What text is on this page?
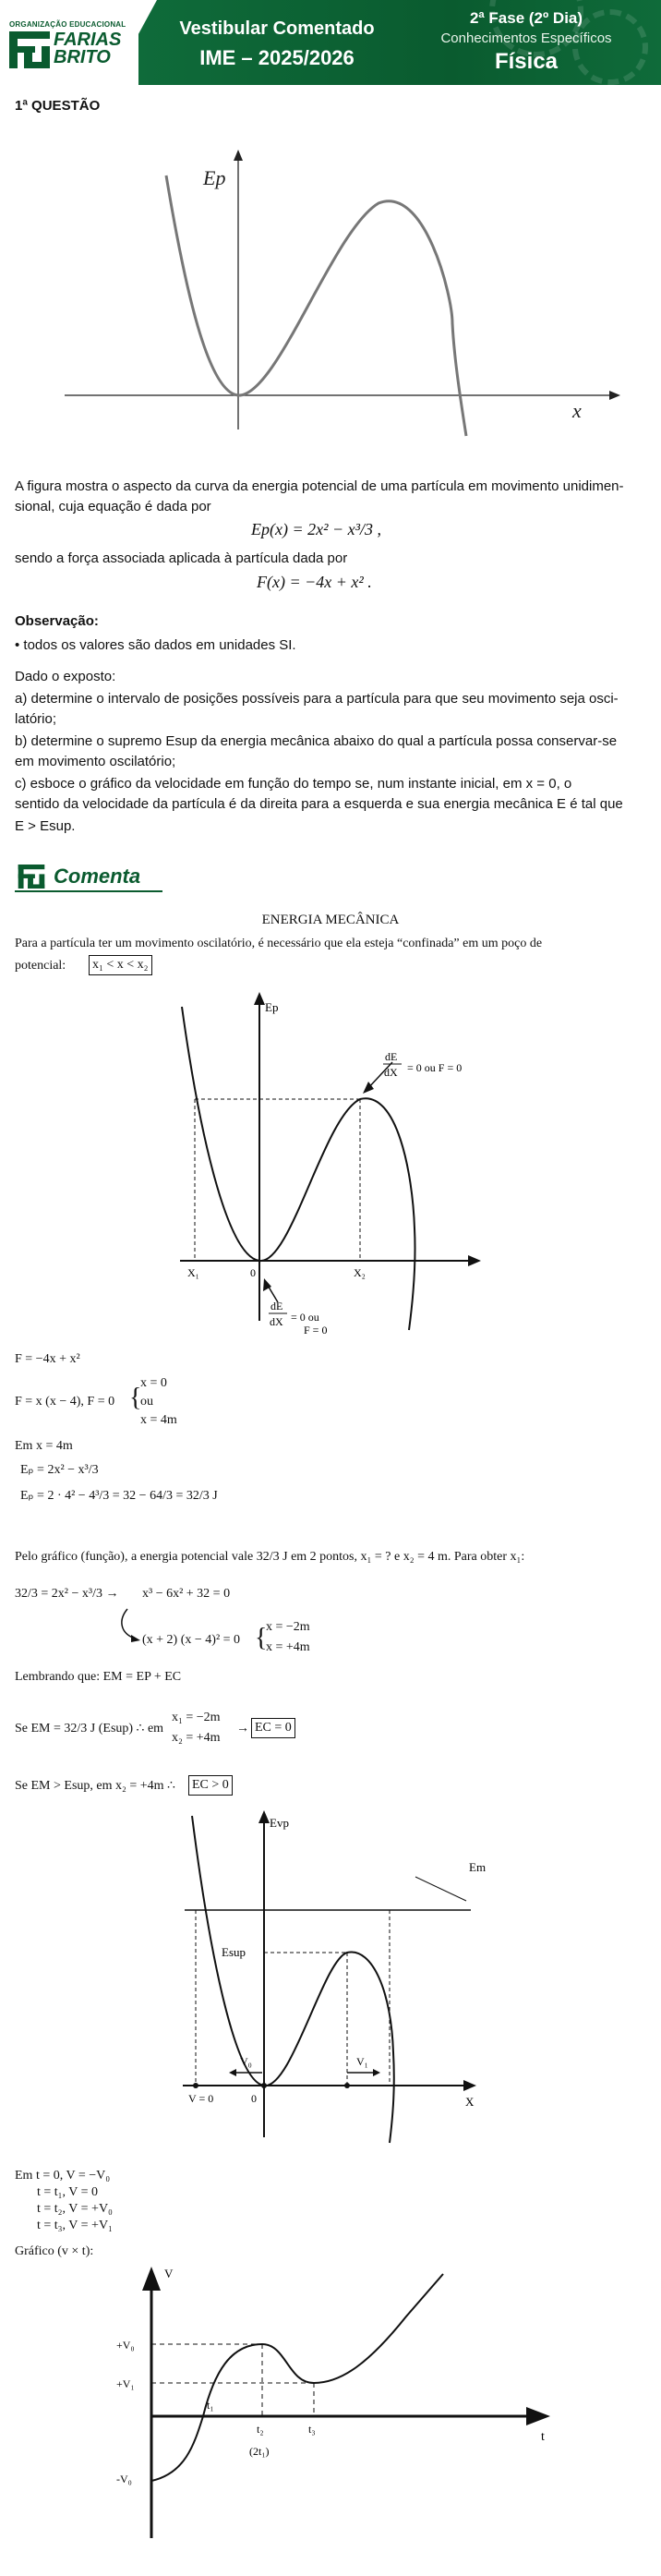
ORGANIZAÇÃO EDUCACIONAL
FARIAS
BRITO
Vestibular Comentado
IME – 2025/2026
2ª Fase (2º Dia)
Conhecimentos Específicos
Física
1ª QUESTÃO
Ep
x
A figura mostra o aspecto da curva da energia potencial de uma partícula em movimento unidimen-
sional, cuja equação é dada por
Ep(x) = 2x² − x³/3 ,
sendo a força associada aplicada à partícula dada por
F(x) = −4x + x² .
Observação:
• todos os valores são dados em unidades SI.
Dado o exposto:
a) determine o intervalo de posições possíveis para a partícula para que seu movimento seja osci-
latório;
b) determine o supremo Esup da energia mecânica abaixo do qual a partícula possa conservar-se
em movimento oscilatório;
c) esboce o gráfico da velocidade em função do tempo se, num instante inicial, em x = 0, o
sentido da velocidade da partícula é da direita para a esquerda e sua energia mecânica E é tal que
E > Esup.
Comenta
ENERGIA MECÂNICA
Para a partícula ter um movimento oscilatório, é necessário que ela esteja “confinada” em um poço de
potencial: x₁ < x < x₂
Ep
dE
dX = 0 ou F = 0
X₁	0	X₂
dE
dX = 0 ou
F = 0
F = −4x + x²
F = x (x − 4), F = 0 {
x = 0
ou
x = 4m
Em x = 4m
Eₚ = 2x² − x³/3
Eₚ = 2 · 4² − 4³/3 = 32 − 64/3 = 32/3 J
Pelo gráfico (função), a energia potencial vale 32/3 J em 2 pontos, x₁ = ? e x₂ = 4 m. Para obter x₁:
32/3 = 2x² − x³/3 → x³ − 6x² + 32 = 0
(x + 2) (x − 4)² = 0 {
x = −2m
x = +4m
Lembrando que: EM = EP + EC
Se EM = 32/3 J (Esup) ∴ em
x₁ = −2m
x₂ = +4m
→ EC = 0
Se EM > Esup, em x₂ = +4m ∴ EC > 0
Evp
Em
Esup
V₀	V₁
V = 0	0	X
Em t = 0, V = −V₀
t = t₁, V = 0
t = t₂, V = +V₀
t = t₃, V = +V₁
Gráfico (v × t):
V
+V₀
+V₁
-V₀
t₁
t₂	t₃
(2t₁)
t
